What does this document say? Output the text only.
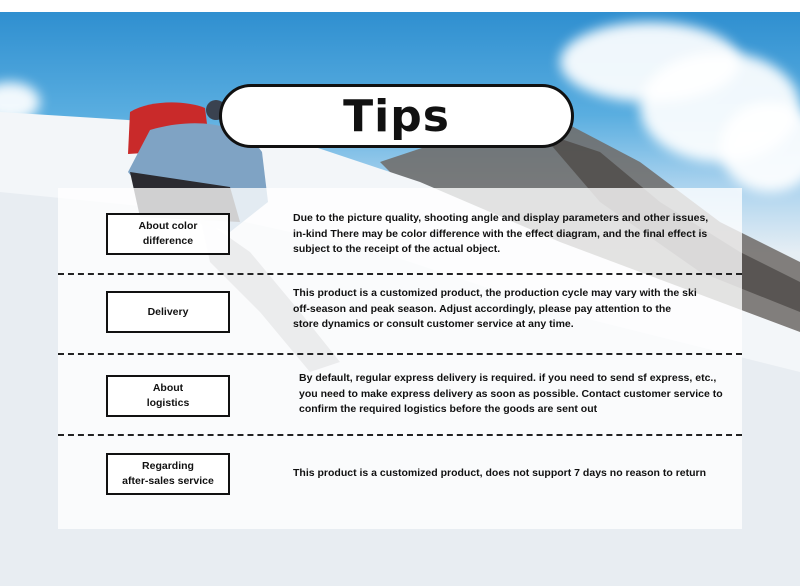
Tips
About color
difference
Due to the picture quality, shooting angle and display parameters and other issues, in-kind There may be color difference with the effect diagram, and the final effect is subject to the receipt of the actual object.
Delivery
This product is a customized product, the production cycle may vary with the ski off-season and peak season. Adjust accordingly, please pay attention to the store dynamics or consult customer service at any time.
About
logistics
By default, regular express delivery is required. if you need to send sf express, etc., you need to make express delivery as soon as possible. Contact customer service to confirm the required logistics before the goods are sent out
Regarding
after-sales service
This product is a customized product, does not support 7 days no reason to return
